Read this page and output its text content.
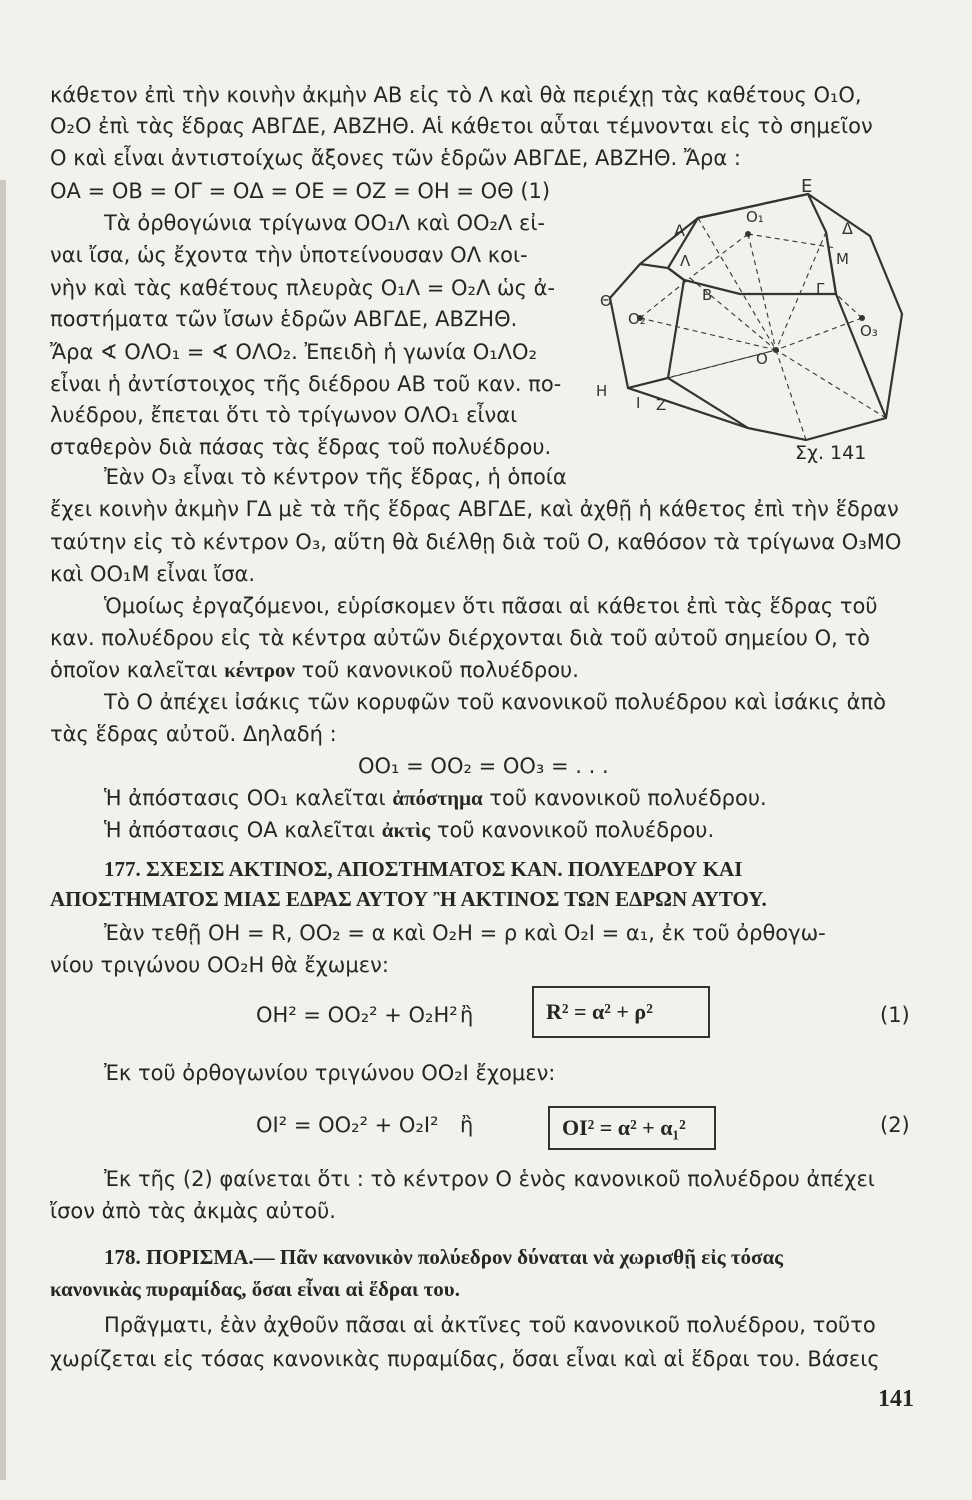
κάθετον ἐπὶ τὴν κοινὴν ἀκμὴν ΑΒ εἰς τὸ Λ καὶ θὰ περιέχῃ τὰς καθέτους Ο₁Ο,
Ο₂Ο ἐπὶ τὰς ἕδρας ΑΒΓΔΕ, ΑΒΖΗΘ. Αἱ κάθετοι αὗται τέμνονται εἰς τὸ σημεῖον
Ο καὶ εἶναι ἀντιστοίχως ἄξονες τῶν ἑδρῶν ΑΒΓΔΕ, ΑΒΖΗΘ. Ἄρα :
ΟΑ = ΟΒ = ΟΓ = ΟΔ = ΟΕ = ΟΖ = ΟΗ = ΟΘ (1)
Τὰ ὀρθογώνια τρίγωνα ΟΟ₁Λ καὶ ΟΟ₂Λ εἰ-
ναι ἴσα, ὡς ἔχοντα τὴν ὑποτείνουσαν ΟΛ κοι-
νὴν καὶ τὰς καθέτους πλευρὰς Ο₁Λ = Ο₂Λ ὡς ἀ-
ποστήματα τῶν ἴσων ἑδρῶν ΑΒΓΔΕ, ΑΒΖΗΘ.
Ἄρα ∢ ΟΛΟ₁ = ∢ ΟΛΟ₂. Ἐπειδὴ ἡ γωνία Ο₁ΛΟ₂
εἶναι ἡ ἀντίστοιχος τῆς διέδρου ΑΒ τοῦ καν. πο-
λυέδρου, ἔπεται ὅτι τὸ τρίγωνον ΟΛΟ₁ εἶναι
σταθερὸν διὰ πάσας τὰς ἕδρας τοῦ πολυέδρου.
Ἐὰν Ο₃ εἶναι τὸ κέντρον τῆς ἕδρας, ἡ ὁποία
Ε
Α
Ο₁
Δ
Λ	Μ
Β	Γ
Θ
Ο₂
Ο₃
Ο
Η
Ι Ζ
Σχ. 141
ἔχει κοινὴν ἀκμὴν ΓΔ μὲ τὰ τῆς ἕδρας ΑΒΓΔΕ, καὶ ἀχθῇ ἡ κάθετος ἐπὶ τὴν ἕδραν
ταύτην εἰς τὸ κέντρον Ο₃, αὕτη θὰ διέλθῃ διὰ τοῦ Ο, καθόσον τὰ τρίγωνα Ο₃ΜΟ
καὶ ΟΟ₁Μ εἶναι ἴσα.
Ὁμοίως ἐργαζόμενοι, εὑρίσκομεν ὅτι πᾶσαι αἱ κάθετοι ἐπὶ τὰς ἕδρας τοῦ
καν. πολυέδρου εἰς τὰ κέντρα αὐτῶν διέρχονται διὰ τοῦ αὐτοῦ σημείου Ο, τὸ
ὁποῖον καλεῖται κέντρον τοῦ κανονικοῦ πολυέδρου.
Τὸ Ο ἀπέχει ἰσάκις τῶν κορυφῶν τοῦ κανονικοῦ πολυέδρου καὶ ἰσάκις ἀπὸ
τὰς ἕδρας αὐτοῦ. Δηλαδή :
ΟΟ₁ = ΟΟ₂ = ΟΟ₃ = . . .
Ἡ ἀπόστασις ΟΟ₁ καλεῖται ἀπόστημα τοῦ κανονικοῦ πολυέδρου.
Ἡ ἀπόστασις ΟΑ καλεῖται ἀκτὶς τοῦ κανονικοῦ πολυέδρου.
177. ΣΧΕΣΙΣ ΑΚΤΙΝΟΣ, ΑΠΟΣΤΗΜΑΤΟΣ ΚΑΝ. ΠΟΛΥΕΔΡΟΥ ΚΑΙ
ΑΠΟΣΤΗΜΑΤΟΣ ΜΙΑΣ ΕΔΡΑΣ ΑΥΤΟΥ Ἢ ΑΚΤΙΝΟΣ ΤΩΝ ΕΔΡΩΝ ΑΥΤΟΥ.
Ἐὰν τεθῇ ΟΗ = R, ΟΟ₂ = α καὶ Ο₂Η = ρ καὶ Ο₂Ι = α₁, ἐκ τοῦ ὀρθογω-
νίου τριγώνου ΟΟ₂Η θὰ ἔχωμεν:
ΟΗ² = ΟΟ₂² + Ο₂Η² ἢ	R² = α² + ρ²	(1)
Ἐκ τοῦ ὀρθογωνίου τριγώνου ΟΟ₂Ι ἔχομεν:
ΟΙ² = ΟΟ₂² + Ο₂Ι² ἢ	ΟΙ² = α² + α₁²	(2)
Ἐκ τῆς (2) φαίνεται ὅτι : τὸ κέντρον Ο ἑνὸς κανονικοῦ πολυέδρου ἀπέχει
ἴσον ἀπὸ τὰς ἀκμὰς αὐτοῦ.
178. ΠΟΡΙΣΜΑ.— Πᾶν κανονικὸν πολύεδρον δύναται νὰ χωρισθῇ εἰς τόσας
κανονικὰς πυραμίδας, ὅσαι εἶναι αἱ ἕδραι του.
Πρᾶγματι, ἐὰν ἀχθοῦν πᾶσαι αἱ ἀκτῖνες τοῦ κανονικοῦ πολυέδρου, τοῦτο
χωρίζεται εἰς τόσας κανονικὰς πυραμίδας, ὅσαι εἶναι καὶ αἱ ἕδραι του. Βάσεις
141
